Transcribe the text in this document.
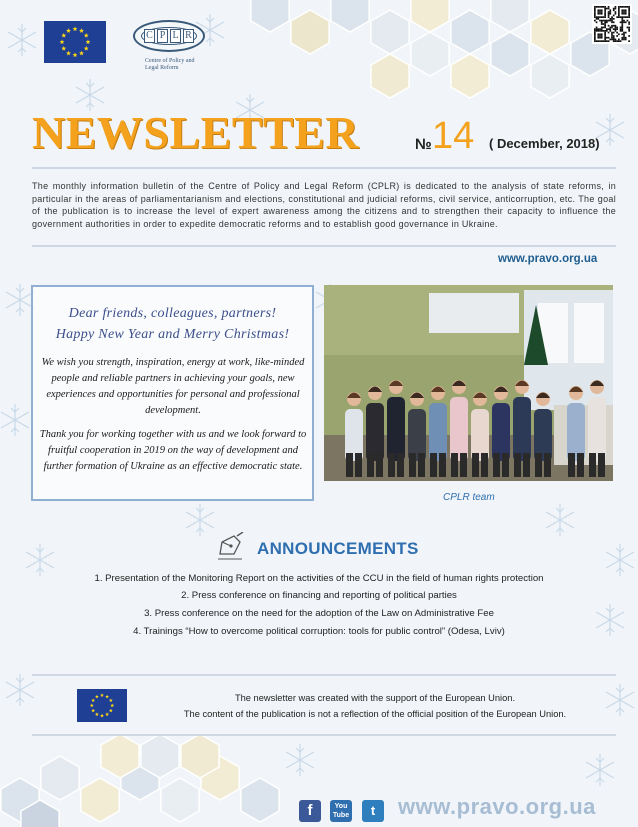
C P L R
Centre of Policy and Legal Reform
NEWSLETTER	№ 14 ( December, 2018)
The monthly information bulletin of the Centre of Policy and Legal Reform (CPLR) is dedicated to the analysis of state reforms, in particular in the areas of parliamentarianism and elections, constitutional and judicial reforms, civil service, anticorruption, etc. The goal of the publication is to increase the level of expert awareness among the citizens and to strengthen their capacity to influence the government authorities in order to expedite democratic reforms and to establish good governance in Ukraine.
www.pravo.org.ua
Dear friends, colleagues, partners!
Happy New Year and Merry Christmas!
We wish you strength, inspiration, energy at work, like-minded people and reliable partners in achieving your goals, new experiences and opportunities for personal and professional development.
Thank you for working together with us and we look forward to fruitful cooperation in 2019 on the way of development and further formation of Ukraine as an effective democratic state.
CPLR team
ANNOUNCEMENTS
1. Presentation of the Monitoring Report on the activities of the CCU in the field of human rights protection
2. Press conference on financing and reporting of political parties
3. Press conference on the need for the adoption of the Law on Administrative Fee
4. Trainings “How to overcome political corruption: tools for public control” (Odesa, Lviv)
The newsletter was created with the support of the European Union.
The content of the publication is not a reflection of the official position of the European Union.
f	You
Tube	t	www.pravo.org.ua
